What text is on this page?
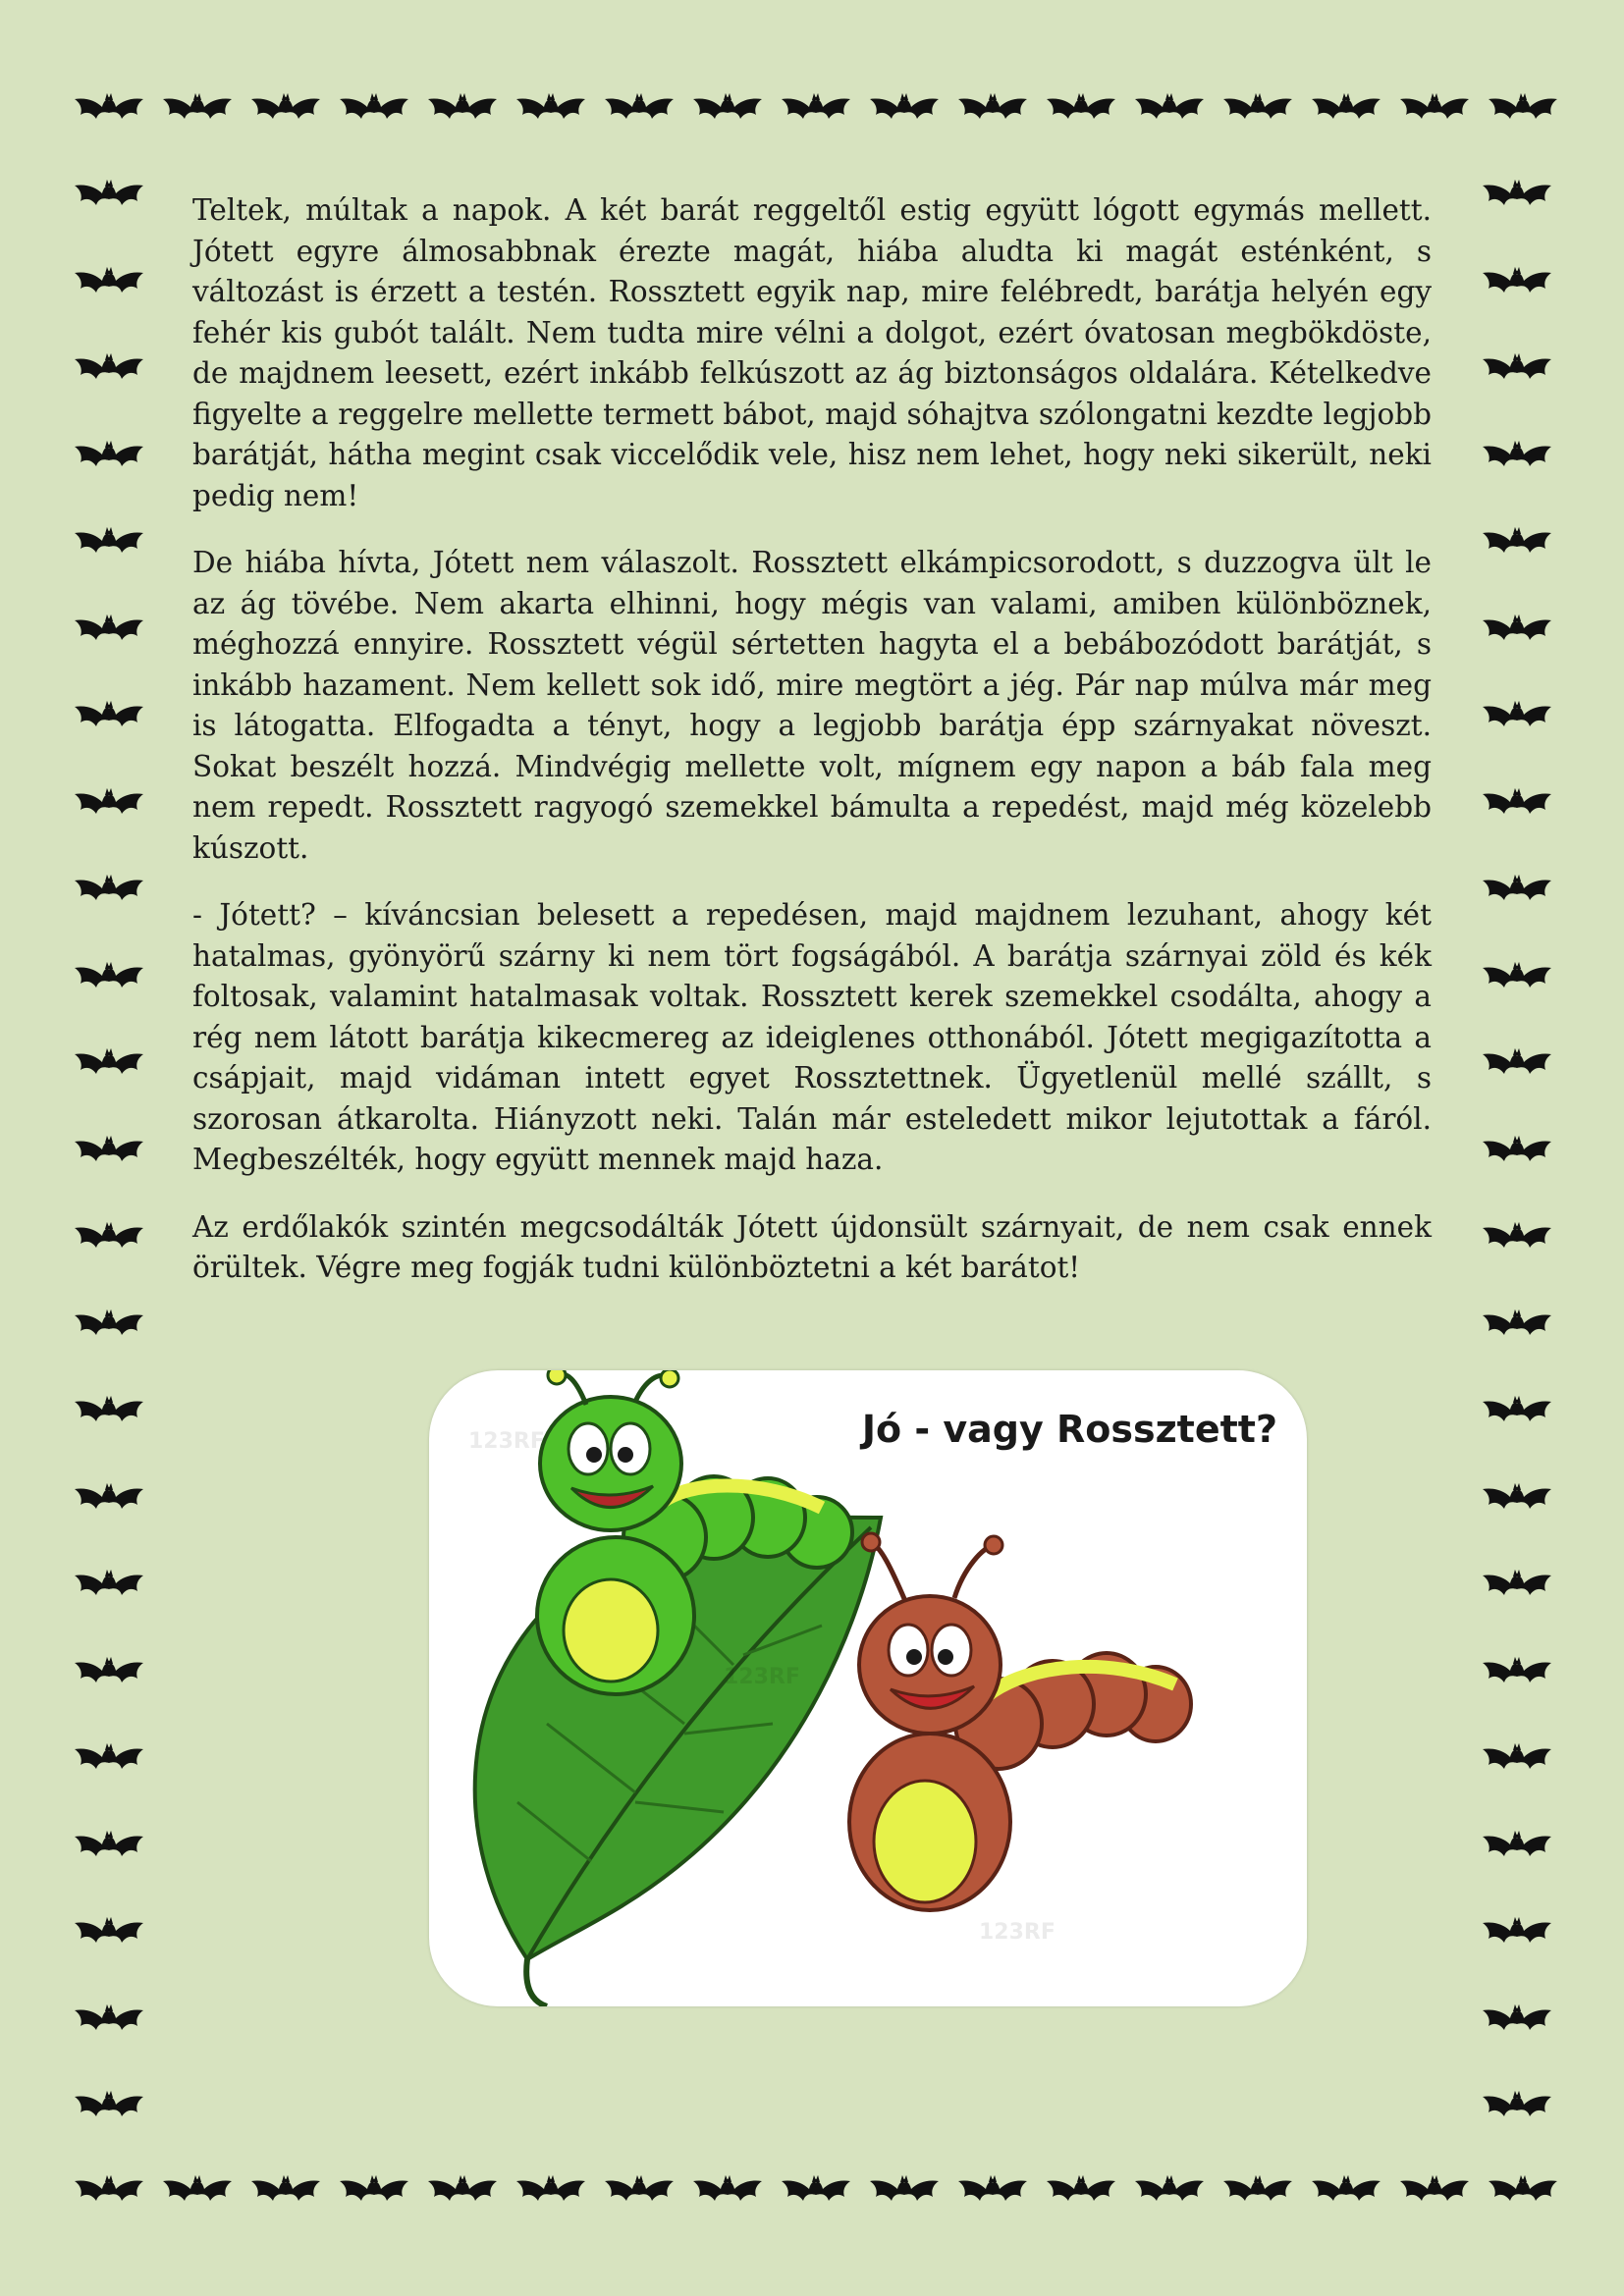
Teltek, múltak a napok. A két barát reggeltől estig együtt lógott egymás mellett. Jótett egyre álmosabbnak érezte magát, hiába aludta ki magát esténként, s változást is érzett a testén. Rossztett egyik nap, mire felébredt, barátja helyén egy fehér kis gubót talált. Nem tudta mire vélni a dolgot, ezért óvatosan megbökdöste, de majdnem leesett, ezért inkább felkúszott az ág biztonságos oldalára. Kételkedve figyelte a reggelre mellette termett bábot, majd sóhajtva szólongatni kezdte legjobb barátját, hátha megint csak viccelődik vele, hisz nem lehet, hogy neki sikerült, neki pedig nem!

De hiába hívta, Jótett nem válaszolt. Rossztett elkámpicsorodott, s duzzogva ült le az ág tövébe. Nem akarta elhinni, hogy mégis van valami, amiben különböznek, méghozzá ennyire. Rossztett végül sértetten hagyta el a bebábozódott barátját, s inkább hazament. Nem kellett sok idő, mire megtört a jég. Pár nap múlva már meg is látogatta. Elfogadta a tényt, hogy a legjobb barátja épp szárnyakat növeszt. Sokat beszélt hozzá. Mindvégig mellette volt, mígnem egy napon a báb fala meg nem repedt. Rossztett ragyogó szemekkel bámulta a repedést, majd még közelebb kúszott.

- Jótett? – kíváncsian belesett a repedésen, majd majdnem lezuhant, ahogy két hatalmas, gyönyörű szárny ki nem tört fogságából. A barátja szárnyai zöld és kék foltosak, valamint hatalmasak voltak. Rossztett kerek szemekkel csodálta, ahogy a rég nem látott barátja kikecmereg az ideiglenes otthonából. Jótett megigazította a csápjait, majd vidáman intett egyet Rossztettnek. Ügyetlenül mellé szállt, s szorosan átkarolta. Hiányzott neki. Talán már esteledett mikor lejutottak a fáról. Megbeszélték, hogy együtt mennek majd haza.

Az erdőlakók szintén megcsodálták Jótett újdonsült szárnyait, de nem csak ennek örültek. Végre meg fogják tudni különböztetni a két barátot!

Jó - vagy Rossztett?
123RF
123RF
123RF
